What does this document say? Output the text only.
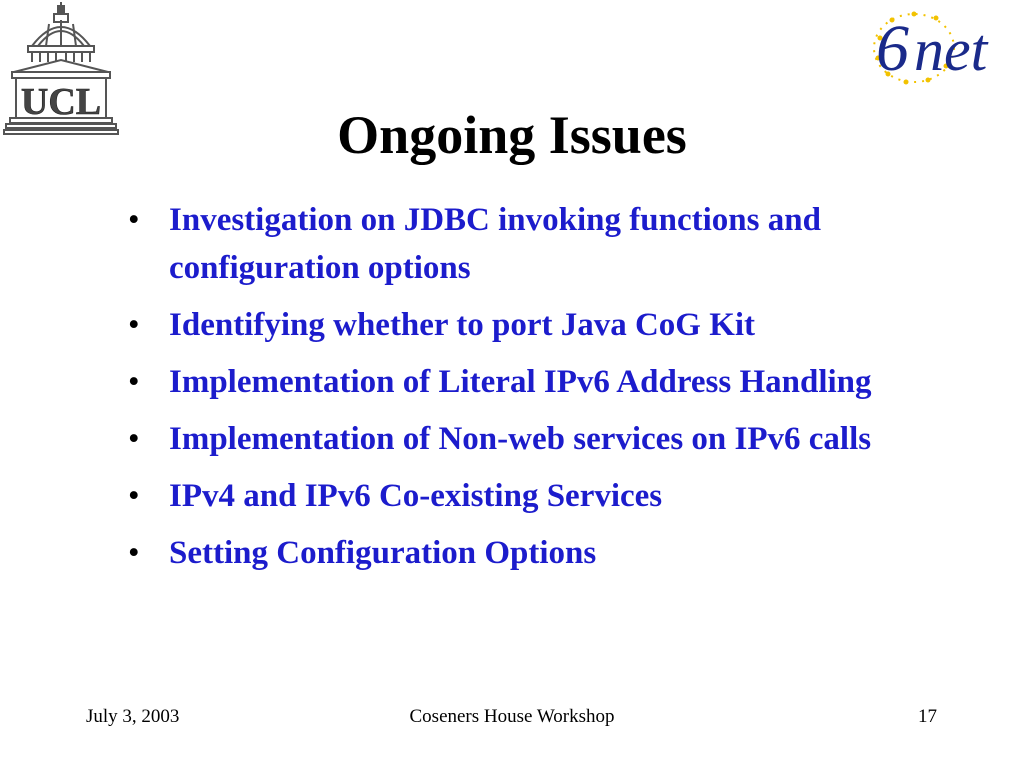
UCL
6 net
Ongoing Issues
• Investigation on JDBC invoking functions and configuration options
• Identifying whether to port Java CoG Kit
• Implementation of Literal IPv6 Address Handling
• Implementation of Non-web services on IPv6 calls
• IPv4 and IPv6 Co-existing Services
• Setting Configuration Options
July 3, 2003	Coseners House Workshop	17
